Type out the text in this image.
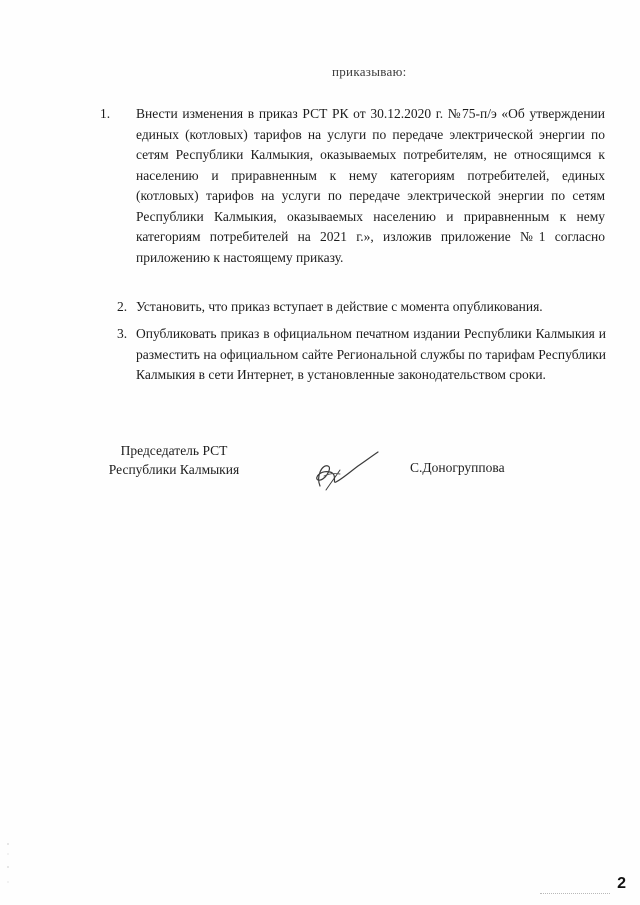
приказываю:
1. Внести изменения в приказ РСТ РК от 30.12.2020 г. №75-п/э «Об утверждении единых (котловых) тарифов на услуги по передаче электрической энергии по сетям Республики Калмыкия, оказываемых потребителям, не относящимся к населению и приравненным к нему категориям потребителей, единых (котловых) тарифов на услуги по передаче электрической энергии по сетям Республики Калмыкия, оказываемых населению и приравненным к нему категориям потребителей на 2021 г.», изложив приложение №1 согласно приложению к настоящему приказу.
2. Установить, что приказ вступает в действие с момента опубликования.
3. Опубликовать приказ в официальном печатном издании Республики Калмыкия и разместить на официальном сайте Региональной службы по тарифам Республики Калмыкия в сети Интернет, в установленные законодательством сроки.
Председатель РСТ
Республики Калмыкия	С.Доногруппова
2
